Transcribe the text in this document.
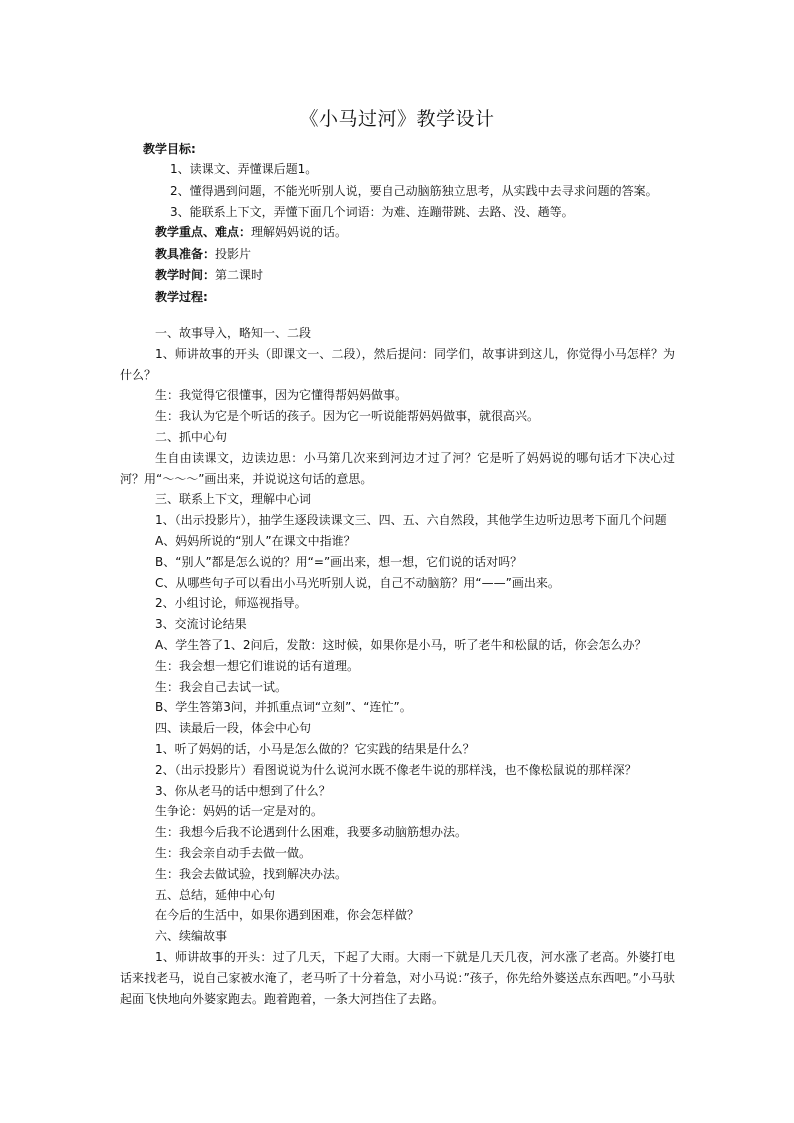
《小马过河》教学设计
教学目标:
1、读课文、弄懂课后题1。
2、懂得遇到问题，不能光听别人说，要自己动脑筋独立思考，从实践中去寻求问题的答案。
3、能联系上下文，弄懂下面几个词语：为难、连蹦带跳、去路、没、趟等。
教学重点、难点：理解妈妈说的话。
教具准备：投影片
教学时间：第二课时
教学过程:

一、故事导入，略知一、二段

1、师讲故事的开头（即课文一、二段），然后提问：同学们，故事讲到这儿，你觉得小马怎样？为什么？

生：我觉得它很懂事，因为它懂得帮妈妈做事。

生：我认为它是个听话的孩子。因为它一听说能帮妈妈做事，就很高兴。

二、抓中心句

生自由读课文，边读边思：小马第几次来到河边才过了河？它是听了妈妈说的哪句话才下决心过河？用“～～～”画出来，并说说这句话的意思。

三、联系上下文，理解中心词

1、（出示投影片），抽学生逐段读课文三、四、五、六自然段，其他学生边听边思考下面几个问题

A、妈妈所说的“别人”在课文中指谁？

B、“别人”都是怎么说的？用“=”画出来，想一想，它们说的话对吗？

C、从哪些句子可以看出小马光听别人说，自己不动脑筋？用“——”画出来。

2、小组讨论，师巡视指导。

3、交流讨论结果

A、学生答了1、2问后，发散：这时候，如果你是小马，听了老牛和松鼠的话，你会怎么办？

生：我会想一想它们谁说的话有道理。

生：我会自己去试一试。

B、学生答第3问，并抓重点词“立刻”、“连忙”。

四、读最后一段，体会中心句

1、听了妈妈的话，小马是怎么做的？它实践的结果是什么？

2、（出示投影片）看图说说为什么说河水既不像老牛说的那样浅，也不像松鼠说的那样深？

3、你从老马的话中想到了什么？

生争论：妈妈的话一定是对的。

生：我想今后我不论遇到什么困难，我要多动脑筋想办法。

生：我会亲自动手去做一做。

生：我会去做试验，找到解决办法。

五、总结，延伸中心句

在今后的生活中，如果你遇到困难，你会怎样做？

六、续编故事

1、师讲故事的开头：过了几天，下起了大雨。大雨一下就是几天几夜，河水涨了老高。外婆打电话来找老马，说自己家被水淹了，老马听了十分着急，对小马说：”孩子，你先给外婆送点东西吧。”小马驮起面飞快地向外婆家跑去。跑着跑着，一条大河挡住了去路。
